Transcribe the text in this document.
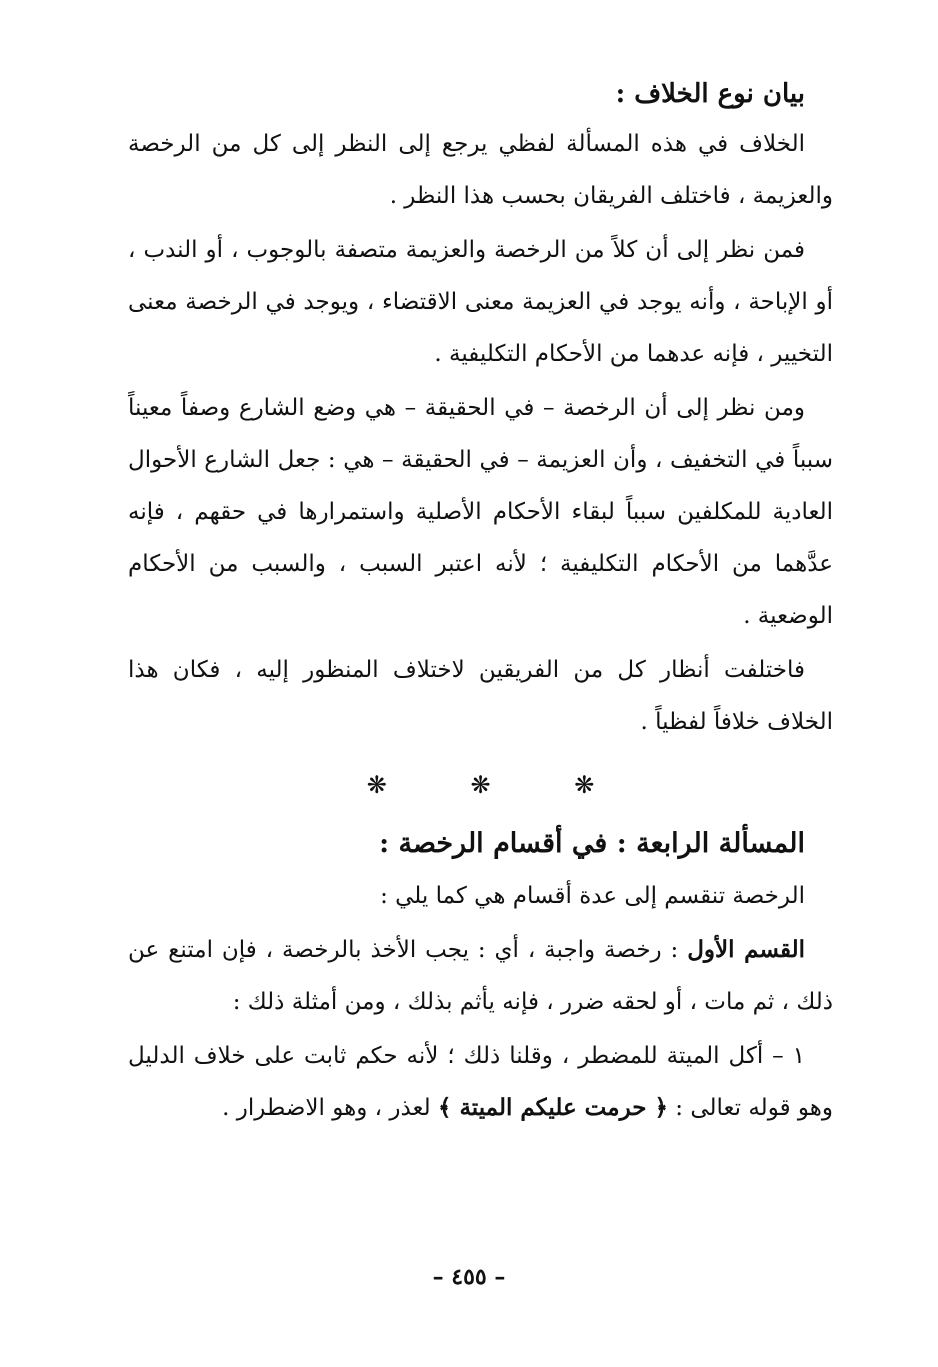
بيان نوع الخلاف :

الخلاف في هذه المسألة لفظي يرجع إلى النظر إلى كل من الرخصة والعزيمة ، فاختلف الفريقان بحسب هذا النظر .

فمن نظر إلى أن كلاً من الرخصة والعزيمة متصفة بالوجوب ، أو الندب ، أو الإباحة ، وأنه يوجد في العزيمة معنى الاقتضاء ، ويوجد في الرخصة معنى التخيير ، فإنه عدهما من الأحكام التكليفية .

ومن نظر إلى أن الرخصة – في الحقيقة – هي وضع الشارع وصفاً معيناً سبباً في التخفيف ، وأن العزيمة – في الحقيقة – هي : جعل الشارع الأحوال العادية للمكلفين سبباً لبقاء الأحكام الأصلية واستمرارها في حقهم ، فإنه عدَّهما من الأحكام التكليفية ؛ لأنه اعتبر السبب ، والسبب من الأحكام الوضعية .

فاختلفت أنظار كل من الفريقين لاختلاف المنظور إليه ، فكان هذا الخلاف خلافاً لفظياً .

❋ ❋ ❋
المسألة الرابعة : في أقسام الرخصة :

الرخصة تنقسم إلى عدة أقسام هي كما يلي :

القسم الأول : رخصة واجبة ، أي : يجب الأخذ بالرخصة ، فإن امتنع عن ذلك ، ثم مات ، أو لحقه ضرر ، فإنه يأثم بذلك ، ومن أمثلة ذلك :

١ – أكل الميتة للمضطر ، وقلنا ذلك ؛ لأنه حكم ثابت على خلاف الدليل وهو قوله تعالى : ﴿ حرمت عليكم الميتة ﴾ لعذر ، وهو الاضطرار .

– ٤٥٥ –
